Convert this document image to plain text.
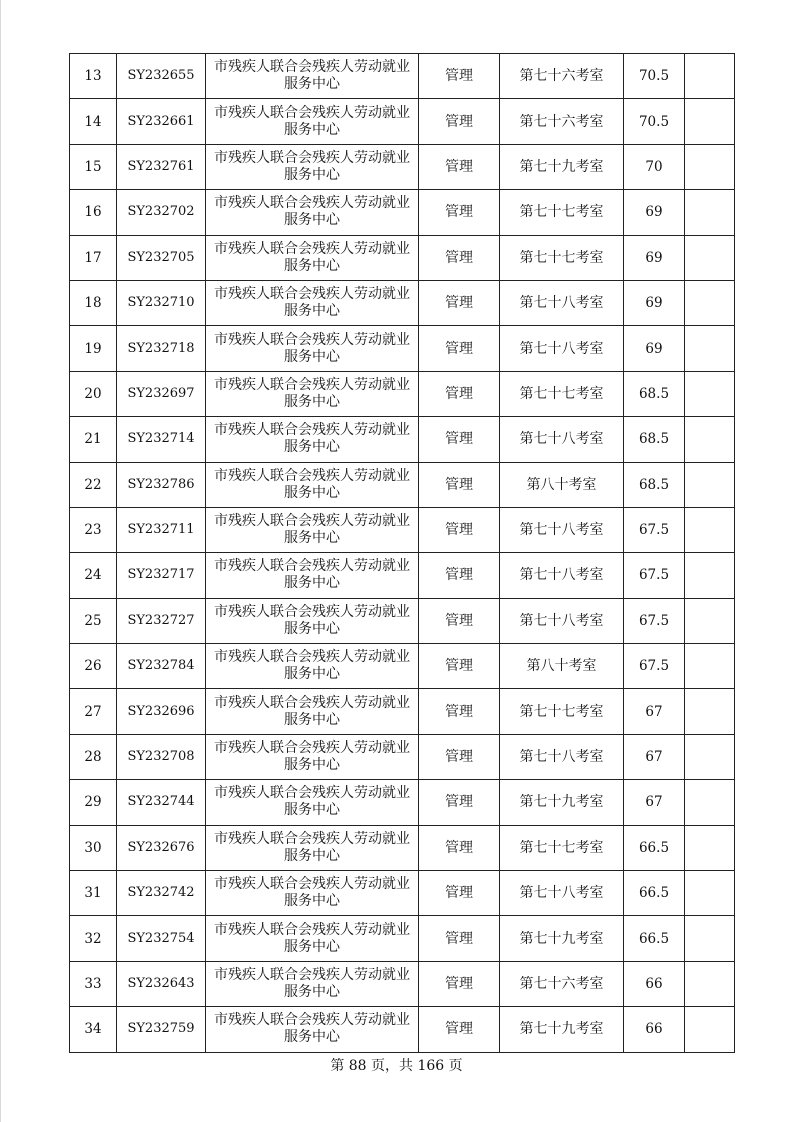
13	SY232655	市残疾人联合会残疾人劳动就业服务中心	管理	第七十六考室	70.5	
14	SY232661	市残疾人联合会残疾人劳动就业服务中心	管理	第七十六考室	70.5	
15	SY232761	市残疾人联合会残疾人劳动就业服务中心	管理	第七十九考室	70	
16	SY232702	市残疾人联合会残疾人劳动就业服务中心	管理	第七十七考室	69	
17	SY232705	市残疾人联合会残疾人劳动就业服务中心	管理	第七十七考室	69	
18	SY232710	市残疾人联合会残疾人劳动就业服务中心	管理	第七十八考室	69	
19	SY232718	市残疾人联合会残疾人劳动就业服务中心	管理	第七十八考室	69	
20	SY232697	市残疾人联合会残疾人劳动就业服务中心	管理	第七十七考室	68.5	
21	SY232714	市残疾人联合会残疾人劳动就业服务中心	管理	第七十八考室	68.5	
22	SY232786	市残疾人联合会残疾人劳动就业服务中心	管理	第八十考室	68.5	
23	SY232711	市残疾人联合会残疾人劳动就业服务中心	管理	第七十八考室	67.5	
24	SY232717	市残疾人联合会残疾人劳动就业服务中心	管理	第七十八考室	67.5	
25	SY232727	市残疾人联合会残疾人劳动就业服务中心	管理	第七十八考室	67.5	
26	SY232784	市残疾人联合会残疾人劳动就业服务中心	管理	第八十考室	67.5	
27	SY232696	市残疾人联合会残疾人劳动就业服务中心	管理	第七十七考室	67	
28	SY232708	市残疾人联合会残疾人劳动就业服务中心	管理	第七十八考室	67	
29	SY232744	市残疾人联合会残疾人劳动就业服务中心	管理	第七十九考室	67	
30	SY232676	市残疾人联合会残疾人劳动就业服务中心	管理	第七十七考室	66.5	
31	SY232742	市残疾人联合会残疾人劳动就业服务中心	管理	第七十八考室	66.5	
32	SY232754	市残疾人联合会残疾人劳动就业服务中心	管理	第七十九考室	66.5	
33	SY232643	市残疾人联合会残疾人劳动就业服务中心	管理	第七十六考室	66	
34	SY232759	市残疾人联合会残疾人劳动就业服务中心	管理	第七十九考室	66	
第 88 页，共 166 页
